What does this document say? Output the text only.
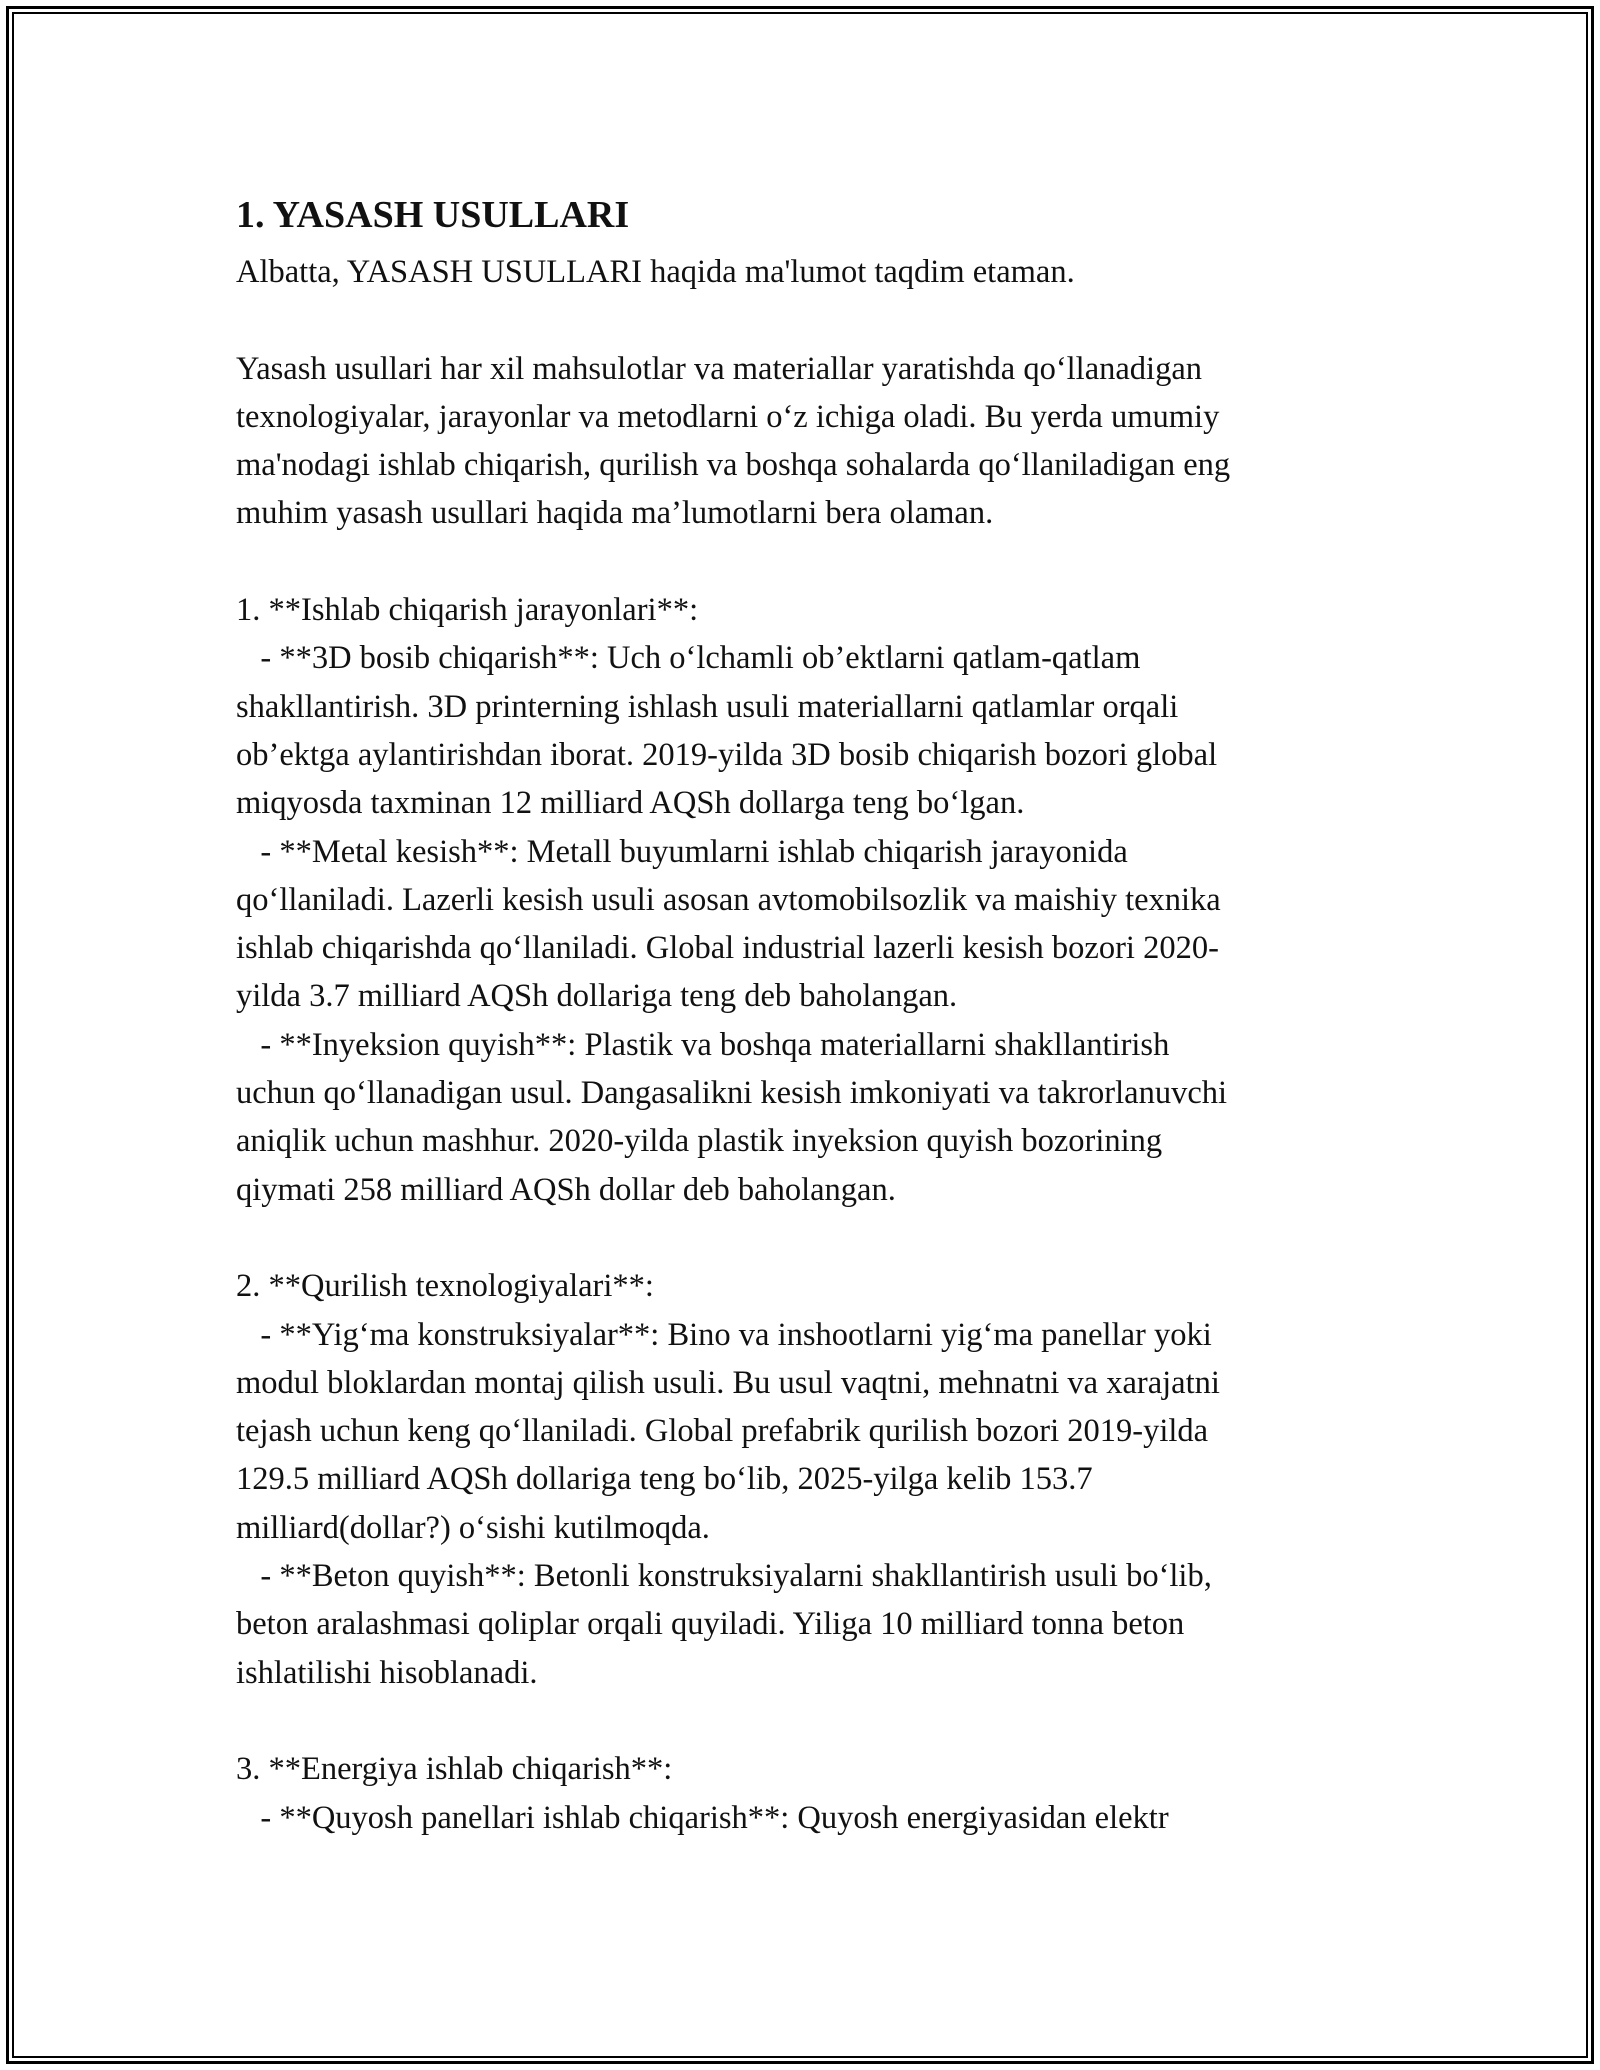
1. YASASH USULLARI
Albatta, YASASH USULLARI haqida ma'lumot taqdim etaman.
Yasash usullari har xil mahsulotlar va materiallar yaratishda qo‘llanadigan
texnologiyalar, jarayonlar va metodlarni o‘z ichiga oladi. Bu yerda umumiy
ma'nodagi ishlab chiqarish, qurilish va boshqa sohalarda qo‘llaniladigan eng
muhim yasash usullari haqida ma’lumotlarni bera olaman.
1. **Ishlab chiqarish jarayonlari**:
- **3D bosib chiqarish**: Uch o‘lchamli ob’ektlarni qatlam-qatlam
shakllantirish. 3D printerning ishlash usuli materiallarni qatlamlar orqali
ob’ektga aylantirishdan iborat. 2019-yilda 3D bosib chiqarish bozori global
miqyosda taxminan 12 milliard AQSh dollarga teng bo‘lgan.
- **Metal kesish**: Metall buyumlarni ishlab chiqarish jarayonida
qo‘llaniladi. Lazerli kesish usuli asosan avtomobilsozlik va maishiy texnika
ishlab chiqarishda qo‘llaniladi. Global industrial lazerli kesish bozori 2020-
yilda 3.7 milliard AQSh dollariga teng deb baholangan.
- **Inyeksion quyish**: Plastik va boshqa materiallarni shakllantirish
uchun qo‘llanadigan usul. Dangasalikni kesish imkoniyati va takrorlanuvchi
aniqlik uchun mashhur. 2020-yilda plastik inyeksion quyish bozorining
qiymati 258 milliard AQSh dollar deb baholangan.
2. **Qurilish texnologiyalari**:
- **Yig‘ma konstruksiyalar**: Bino va inshootlarni yig‘ma panellar yoki
modul bloklardan montaj qilish usuli. Bu usul vaqtni, mehnatni va xarajatni
tejash uchun keng qo‘llaniladi. Global prefabrik qurilish bozori 2019-yilda
129.5 milliard AQSh dollariga teng bo‘lib, 2025-yilga kelib 153.7
milliard(dollar?) o‘sishi kutilmoqda.
- **Beton quyish**: Betonli konstruksiyalarni shakllantirish usuli bo‘lib,
beton aralashmasi qoliplar orqali quyiladi. Yiliga 10 milliard tonna beton
ishlatilishi hisoblanadi.
3. **Energiya ishlab chiqarish**:
- **Quyosh panellari ishlab chiqarish**: Quyosh energiyasidan elektr
